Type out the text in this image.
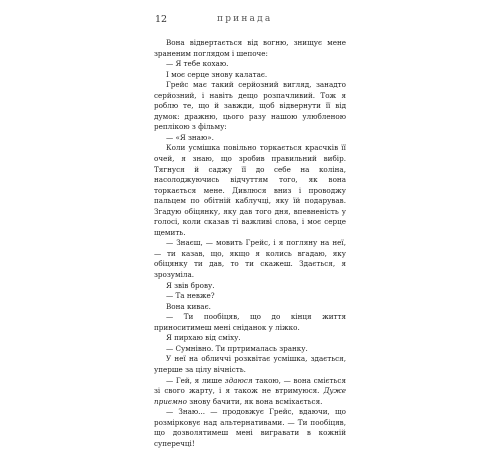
12	принада

Вона відвертається від вогню, знищує мене зраненим поглядом і шепоче:

— Я тебе кохаю.

І моє серце знову калатає.

Грейс має такий серйозний вигляд, занадто серйозний, і навіть дещо розпачливий. Тож я роблю те, що й завжди, щоб відвернути її від думок: дражню, цього разу нашою улюбленою реплікою з фільму:

— «Я знаю».

Коли усмішка повільно торкається красчків її очей, я знаю, що зробив правильний вибір. Тягнуся й саджу її до себе на коліна, насолоджуючись відчуттям того, як вона торкається мене. Дивлюся вниз і проводжу пальцем по обітній каблучці, яку їй подарував. Згадую обіцянку, яку дав того дня, впевненість у голосі, коли сказав ті важливі слова, і моє серце щемить.

— Знаєш, — мовить Грейс, і я погляну на неї, — ти казав, що, якщо я колись вгадаю, яку обіцянку ти дав, то ти скажеш. Здається, я зрозуміла.

Я звів брову.

— Та невже?

Вона киває.

— Ти пообіцяв, що до кінця життя приноситимеш мені сніданок у ліжко.

Я пирхаю від сміху.

— Сумнівно. Ти пртрималась зранку.

У неї на обличчі розквітає усмішка, здається, уперше за цілу вічність.

— Гей, я лише здаюся такою, — вона сміється зі свого жарту, і я також не втримуюся. Дуже приємно знову бачити, як вона всміхається.

— Знаю... — продовжує Грейс, вдаючи, що розмірковує над альтернативами. — Ти пообіцяв, що дозволятимеш мені вигравати в кожній суперечці!
